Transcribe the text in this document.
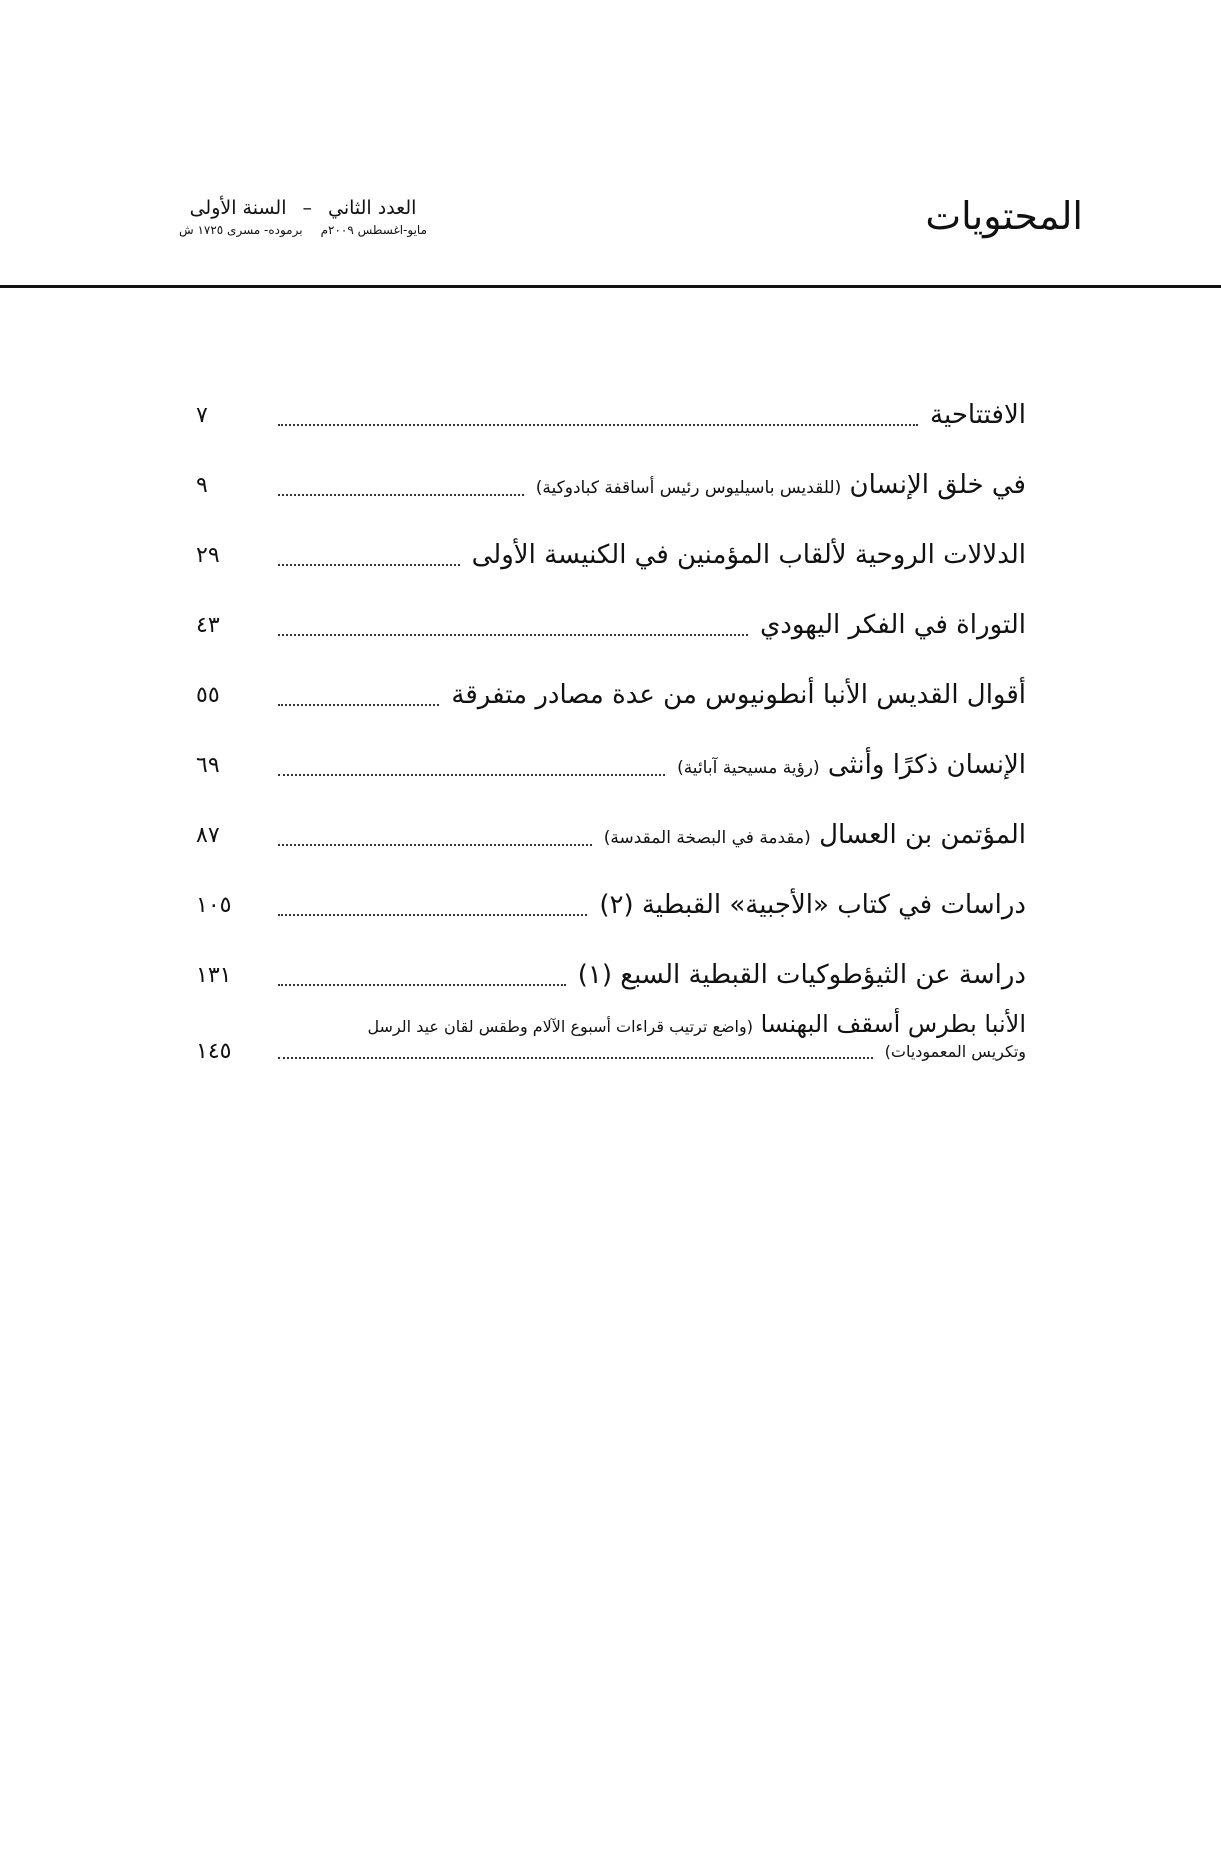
المحتويات
العدد الثاني–السنة الأولى
مايو-اغسطس ٢٠٠٩مبرموده- مسرى ١٧٢٥ ش
الافتتاحية
٧
في خلق الإنسان (للقديس باسيليوس رئيس أساقفة كبادوكية)
٩
الدلالات الروحية لألقاب المؤمنين في الكنيسة الأولى
٢٩
التوراة في الفكر اليهودي
٤٣
أقوال القديس الأنبا أنطونيوس من عدة مصادر متفرقة
٥٥
الإنسان ذكرًا وأنثى (رؤية مسيحية آبائية)
٦٩
المؤتمن بن العسال (مقدمة في البصخة المقدسة)
٨٧
دراسات في كتاب «الأجبية» القبطية (٢)
١٠٥
دراسة عن الثيؤطوكيات القبطية السبع (١)
١٣١
الأنبا بطرس أسقف البهنسا (واضع ترتيب قراءات أسبوع الآلام وطقس لقان عيد الرسل
وتكريس المعموديات)
١٤٥
